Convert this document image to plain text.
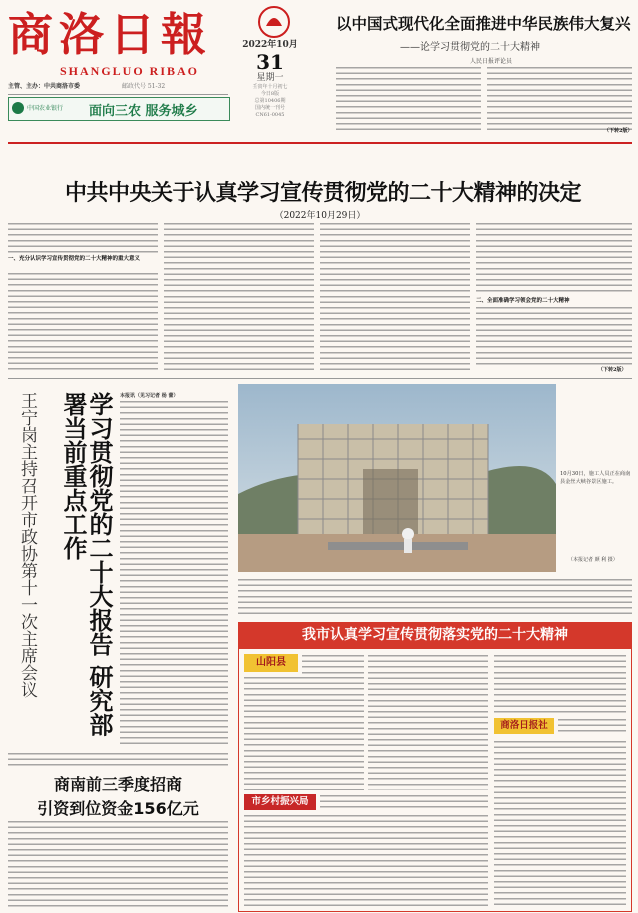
商洛日報
SHANGLUO RIBAO
2022年10月
31
星期一
壬寅年十月初七
今日8版
总第10406期
国内统一刊号
CN61-0045
主管、主办：中共商洛市委	邮政代号 51-32
中国农业银行 面向三农 服务城乡
以中国式现代化全面推进中华民族伟大复兴
——论学习贯彻党的二十大精神
人民日报评论员
（下转2版）
中共中央关于认真学习宣传贯彻党的二十大精神的决定
（2022年10月29日）
一、充分认识学习宣传贯彻党的二十大精神的重大意义
二、全面准确学习领会党的二十大精神
（下转2版）
学习贯彻党的二十大报告 研究部署当前重点工作
王宁岗主持召开市政协第十一次主席会议	本报讯（见习记者 杨 蕾）
10月30日，施工人员正在商南县金丝大峡谷景区施工。
（本报记者 颜 利 摄）
商南前三季度招商
引资到位资金156亿元
我市认真学习宣传贯彻落实党的二十大精神
山阳县
市乡村振兴局
商洛日报社
